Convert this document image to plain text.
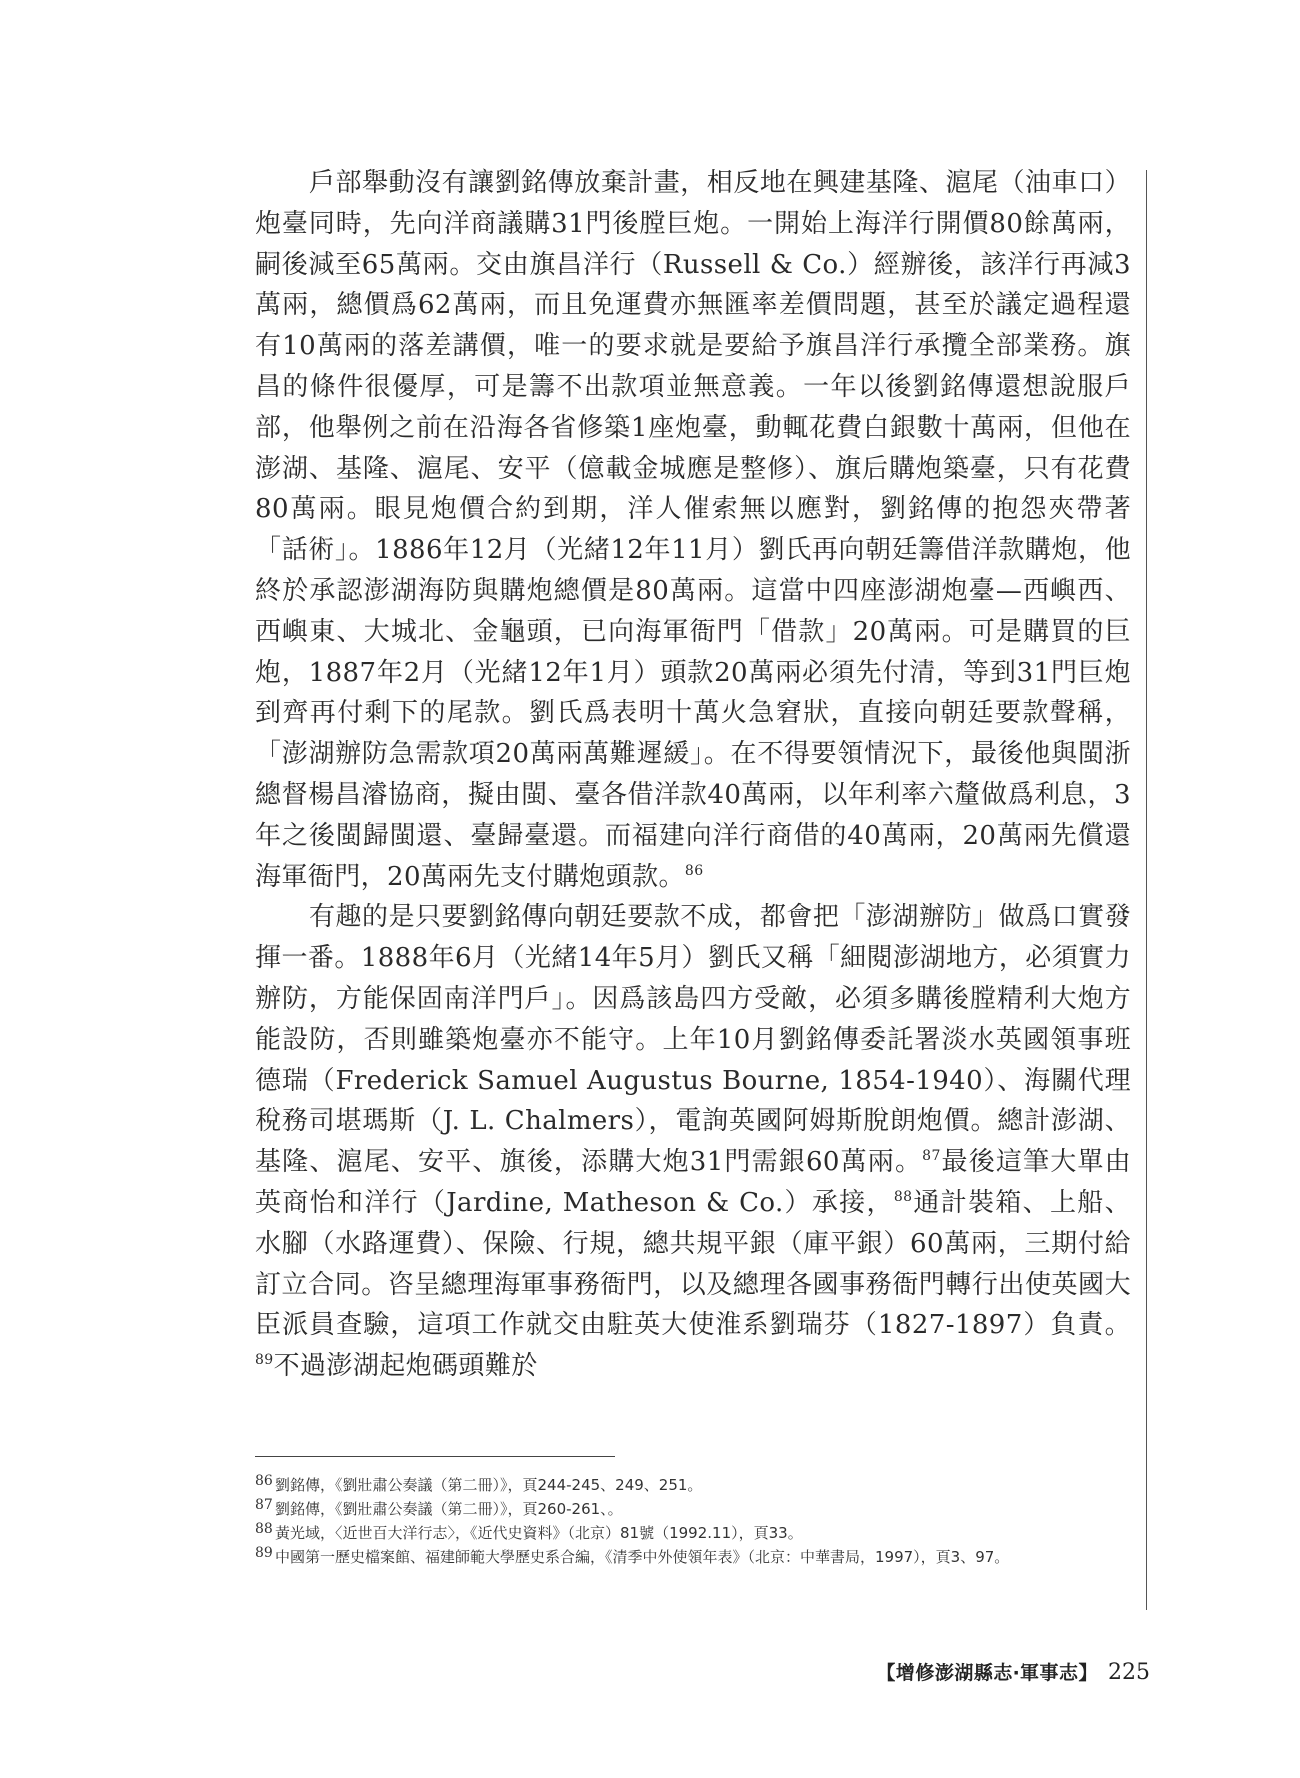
戶部舉動沒有讓劉銘傳放棄計畫，相反地在興建基隆、滬尾（油車口）炮臺同時，先向洋商議購31門後膛巨炮。一開始上海洋行開價80餘萬兩，嗣後減至65萬兩。交由旗昌洋行（Russell & Co.）經辦後，該洋行再減3萬兩，總價爲62萬兩，而且免運費亦無匯率差價問題，甚至於議定過程還有10萬兩的落差講價，唯一的要求就是要給予旗昌洋行承攬全部業務。旗昌的條件很優厚，可是籌不出款項並無意義。一年以後劉銘傳還想說服戶部，他舉例之前在沿海各省修築1座炮臺，動輒花費白銀數十萬兩，但他在澎湖、基隆、滬尾、安平（億載金城應是整修）、旗后購炮築臺，只有花費80萬兩。眼見炮價合約到期，洋人催索無以應對，劉銘傳的抱怨夾帶著「話術」。1886年12月（光緒12年11月）劉氏再向朝廷籌借洋款購炮，他終於承認澎湖海防與購炮總價是80萬兩。這當中四座澎湖炮臺—西嶼西、西嶼東、大城北、金龜頭，已向海軍衙門「借款」20萬兩。可是購買的巨炮，1887年2月（光緒12年1月）頭款20萬兩必須先付清，等到31門巨炮到齊再付剩下的尾款。劉氏爲表明十萬火急窘狀，直接向朝廷要款聲稱，「澎湖辦防急需款項20萬兩萬難遲緩」。在不得要領情況下，最後他與閩浙總督楊昌濬協商，擬由閩、臺各借洋款40萬兩，以年利率六釐做爲利息，3年之後閩歸閩還、臺歸臺還。而福建向洋行商借的40萬兩，20萬兩先償還海軍衙門，20萬兩先支付購炮頭款。$^{86}$

有趣的是只要劉銘傳向朝廷要款不成，都會把「澎湖辦防」做爲口實發揮一番。1888年6月（光緒14年5月）劉氏又稱「細閱澎湖地方，必須實力辦防，方能保固南洋門戶」。因爲該島四方受敵，必須多購後膛精利大炮方能設防，否則雖築炮臺亦不能守。上年10月劉銘傳委託署淡水英國領事班德瑞（Frederick Samuel Augustus Bourne, 1854-1940）、海關代理稅務司堪瑪斯（J. L. Chalmers），電詢英國阿姆斯脫朗炮價。總計澎湖、基隆、滬尾、安平、旗後，添購大炮31門需銀60萬兩。$^{87}$最後這筆大單由英商怡和洋行（Jardine, Matheson & Co.）承接，$^{88}$通計裝箱、上船、水腳（水路運費）、保險、行規，總共規平銀（庫平銀）60萬兩，三期付給訂立合同。咨呈總理海軍事務衙門，以及總理各國事務衙門轉行出使英國大臣派員查驗，這項工作就交由駐英大使淮系劉瑞芬（1827-1897）負責。$^{89}$不過澎湖起炮碼頭難於

86 劉銘傳，《劉壯肅公奏議（第二冊）》，頁244-245、249、251。
87 劉銘傳，《劉壯肅公奏議（第二冊）》，頁260-261、。
88 黃光域，〈近世百大洋行志〉，《近代史資料》（北京）81號（1992.11），頁33。
89 中國第一歷史檔案館、福建師範大學歷史系合編，《清季中外使領年表》（北京：中華書局，1997），頁3、97。
【增修澎湖縣志‧軍事志】 225
